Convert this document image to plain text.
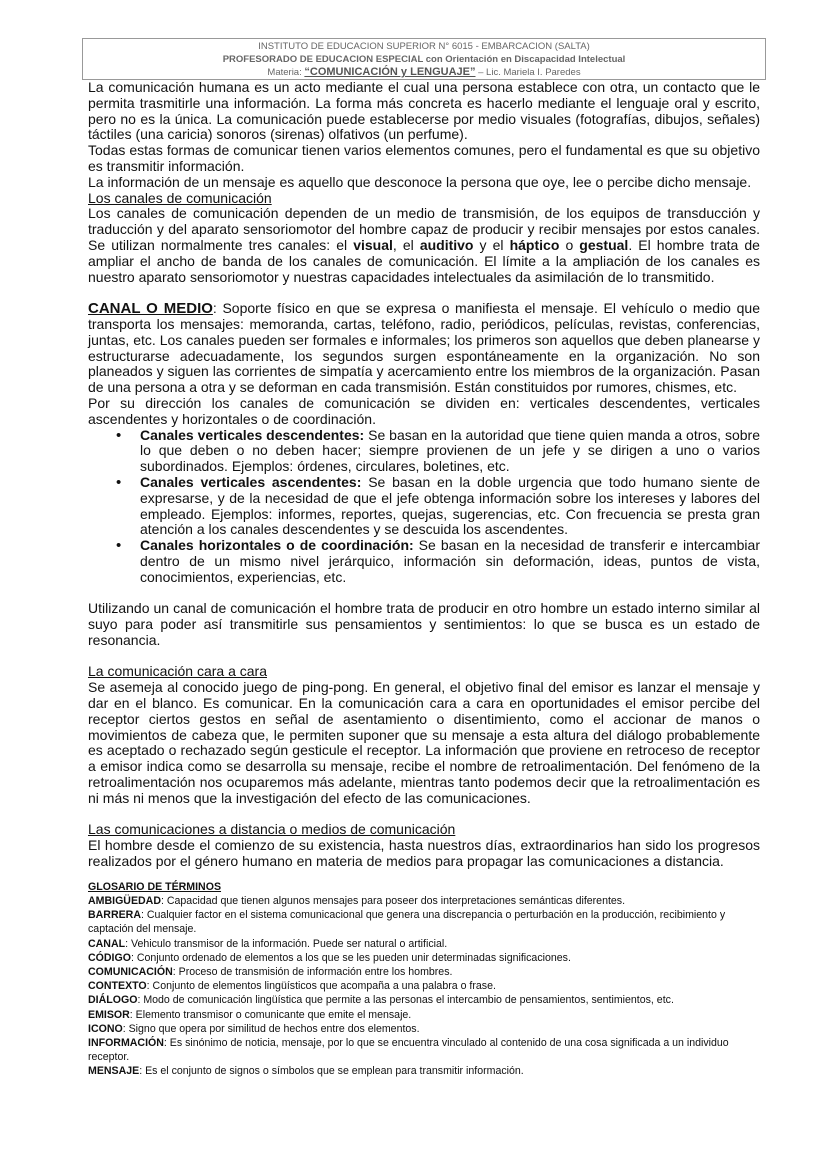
INSTITUTO DE EDUCACION SUPERIOR N° 6015 - EMBARCACION (SALTA)
PROFESORADO DE EDUCACION ESPECIAL con Orientación en Discapacidad Intelectual
Materia: “COMUNICACIÓN y LENGUAJE” – Lic. Mariela I. Paredes

La comunicación humana es un acto mediante el cual una persona establece con otra, un contacto que le permita trasmitirle una información. La forma más concreta es hacerlo mediante el lenguaje oral y escrito, pero no es la única. La comunicación puede establecerse por medio visuales (fotografías, dibujos, señales) táctiles (una caricia) sonoros (sirenas) olfativos (un perfume).

Todas estas formas de comunicar tienen varios elementos comunes, pero el fundamental es que su objetivo es transmitir información.

La información de un mensaje es aquello que desconoce la persona que oye, lee o percibe dicho mensaje.

Los canales de comunicación

Los canales de comunicación dependen de un medio de transmisión, de los equipos de transducción y traducción y del aparato sensoriomotor del hombre capaz de producir y recibir mensajes por estos canales. Se utilizan normalmente tres canales: el visual, el auditivo y el háptico o gestual. El hombre trata de ampliar el ancho de banda de los canales de comunicación. El límite a la ampliación de los canales es nuestro aparato sensoriomotor y nuestras capacidades intelectuales da asimilación de lo transmitido.

CANAL O MEDIO: Soporte físico en que se expresa o manifiesta el mensaje. El vehículo o medio que transporta los mensajes: memoranda, cartas, teléfono, radio, periódicos, películas, revistas, conferencias, juntas, etc. Los canales pueden ser formales e informales; los primeros son aquellos que deben planearse y estructurarse adecuadamente, los segundos surgen espontáneamente en la organización. No son planeados y siguen las corrientes de simpatía y acercamiento entre los miembros de la organización. Pasan de una persona a otra y se deforman en cada transmisión. Están constituidos por rumores, chismes, etc.

Por su dirección los canales de comunicación se dividen en: verticales descendentes, verticales ascendentes y horizontales o de coordinación.

• Canales verticales descendentes: Se basan en la autoridad que tiene quien manda a otros, sobre lo que deben o no deben hacer; siempre provienen de un jefe y se dirigen a uno o varios subordinados. Ejemplos: órdenes, circulares, boletines, etc.
• Canales verticales ascendentes: Se basan en la doble urgencia que todo humano siente de expresarse, y de la necesidad de que el jefe obtenga información sobre los intereses y labores del empleado. Ejemplos: informes, reportes, quejas, sugerencias, etc. Con frecuencia se presta gran atención a los canales descendentes y se descuida los ascendentes.
• Canales horizontales o de coordinación: Se basan en la necesidad de transferir e intercambiar dentro de un mismo nivel jerárquico, información sin deformación, ideas, puntos de vista, conocimientos, experiencias, etc.

Utilizando un canal de comunicación el hombre trata de producir en otro hombre un estado interno similar al suyo para poder así transmitirle sus pensamientos y sentimientos: lo que se busca es un estado de resonancia.

La comunicación cara a cara

Se asemeja al conocido juego de ping-pong. En general, el objetivo final del emisor es lanzar el mensaje y dar en el blanco. Es comunicar. En la comunicación cara a cara en oportunidades el emisor percibe del receptor ciertos gestos en señal de asentamiento o disentimiento, como el accionar de manos o movimientos de cabeza que, le permiten suponer que su mensaje a esta altura del diálogo probablemente es aceptado o rechazado según gesticule el receptor. La información que proviene en retroceso de receptor a emisor indica como se desarrolla su mensaje, recibe el nombre de retroalimentación. Del fenómeno de la retroalimentación nos ocuparemos más adelante, mientras tanto podemos decir que la retroalimentación es ni más ni menos que la investigación del efecto de las comunicaciones.

Las comunicaciones a distancia o medios de comunicación

El hombre desde el comienzo de su existencia, hasta nuestros días, extraordinarios han sido los progresos realizados por el género humano en materia de medios para propagar las comunicaciones a distancia.

GLOSARIO DE TÉRMINOS
AMBIGÜEDAD: Capacidad que tienen algunos mensajes para poseer dos interpretaciones semánticas diferentes.
BARRERA: Cualquier factor en el sistema comunicacional que genera una discrepancia o perturbación en la producción, recibimiento y captación del mensaje.
CANAL: Vehiculo transmisor de la información. Puede ser natural o artificial.
CÓDIGO: Conjunto ordenado de elementos a los que se les pueden unir determinadas significaciones.
COMUNICACIÓN: Proceso de transmisión de información entre los hombres.
CONTEXTO: Conjunto de elementos lingüísticos que acompaña a una palabra o frase.
DIÁLOGO: Modo de comunicación lingüística que permite a las personas el intercambio de pensamientos, sentimientos, etc.
EMISOR: Elemento transmisor o comunicante que emite el mensaje.
ICONO: Signo que opera por similitud de hechos entre dos elementos.
INFORMACIÓN: Es sinónimo de noticia, mensaje, por lo que se encuentra vinculado al contenido de una cosa significada a un individuo receptor.
MENSAJE: Es el conjunto de signos o símbolos que se emplean para transmitir información.
